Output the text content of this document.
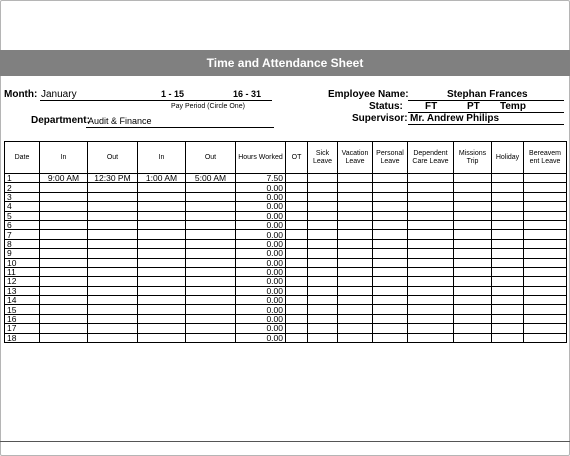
Time and Attendance Sheet
Month: January	1 - 15	16 - 31
Pay Period (Circle One)
Department:
Audit & Finance
Employee Name:	Stephan Frances
Status: FT	PT Temp
Supervisor: Mr. Andrew Philips
Date	In	Out	In	Out	Hours Worked	OT	Sick Leave	Vacation Leave	Personal Leave	Dependent Care Leave	Missions Trip	Holiday	Bereavem ent Leave
1	9:00 AM	12:30 PM	1:00 AM	5:00 AM	7.50								
2					0.00								
3					0.00								
4					0.00								
5					0.00								
6					0.00								
7					0.00								
8					0.00								
9					0.00								
10					0.00								
11					0.00								
12					0.00								
13					0.00								
14					0.00								
15					0.00								
16					0.00								
17					0.00								
18					0.00								
